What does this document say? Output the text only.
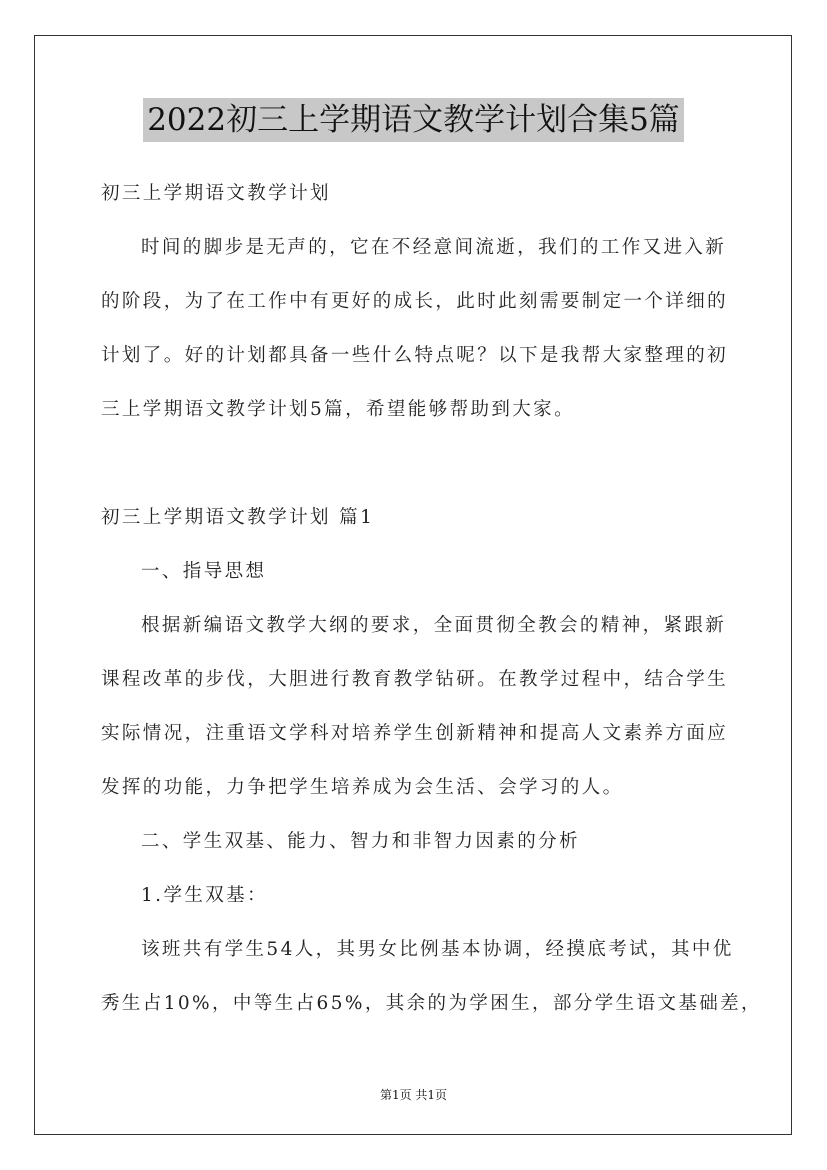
2022初三上学期语文教学计划合集5篇
初三上学期语文教学计划
时间的脚步是无声的，它在不经意间流逝，我们的工作又进入新
的阶段，为了在工作中有更好的成长，此时此刻需要制定一个详细的
计划了。好的计划都具备一些什么特点呢？以下是我帮大家整理的初
三上学期语文教学计划5篇，希望能够帮助到大家。
初三上学期语文教学计划 篇1
一、指导思想
根据新编语文教学大纲的要求，全面贯彻全教会的精神，紧跟新
课程改革的步伐，大胆进行教育教学钻研。在教学过程中，结合学生
实际情况，注重语文学科对培养学生创新精神和提高人文素养方面应
发挥的功能，力争把学生培养成为会生活、会学习的人。
二、学生双基、能力、智力和非智力因素的分析
1.学生双基：
该班共有学生54人，其男女比例基本协调，经摸底考试，其中优
秀生占10%，中等生占65%，其余的为学困生，部分学生语文基础差，
第1页 共1页
